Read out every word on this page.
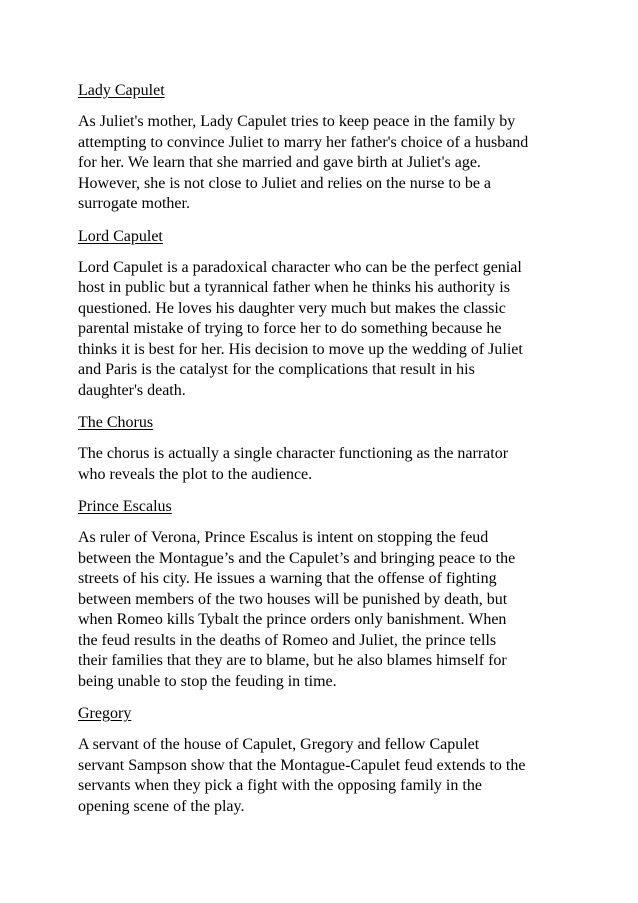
Lady Capulet
As Juliet's mother, Lady Capulet tries to keep peace in the family by
attempting to convince Juliet to marry her father's choice of a husband
for her. We learn that she married and gave birth at Juliet's age.
However, she is not close to Juliet and relies on the nurse to be a
surrogate mother.
Lord Capulet
Lord Capulet is a paradoxical character who can be the perfect genial
host in public but a tyrannical father when he thinks his authority is
questioned. He loves his daughter very much but makes the classic
parental mistake of trying to force her to do something because he
thinks it is best for her. His decision to move up the wedding of Juliet
and Paris is the catalyst for the complications that result in his
daughter's death.
The Chorus
The chorus is actually a single character functioning as the narrator
who reveals the plot to the audience.
Prince Escalus
As ruler of Verona, Prince Escalus is intent on stopping the feud
between the Montague’s and the Capulet’s and bringing peace to the
streets of his city. He issues a warning that the offense of fighting
between members of the two houses will be punished by death, but
when Romeo kills Tybalt the prince orders only banishment. When
the feud results in the deaths of Romeo and Juliet, the prince tells
their families that they are to blame, but he also blames himself for
being unable to stop the feuding in time.
Gregory
A servant of the house of Capulet, Gregory and fellow Capulet
servant Sampson show that the Montague-Capulet feud extends to the
servants when they pick a fight with the opposing family in the
opening scene of the play.
